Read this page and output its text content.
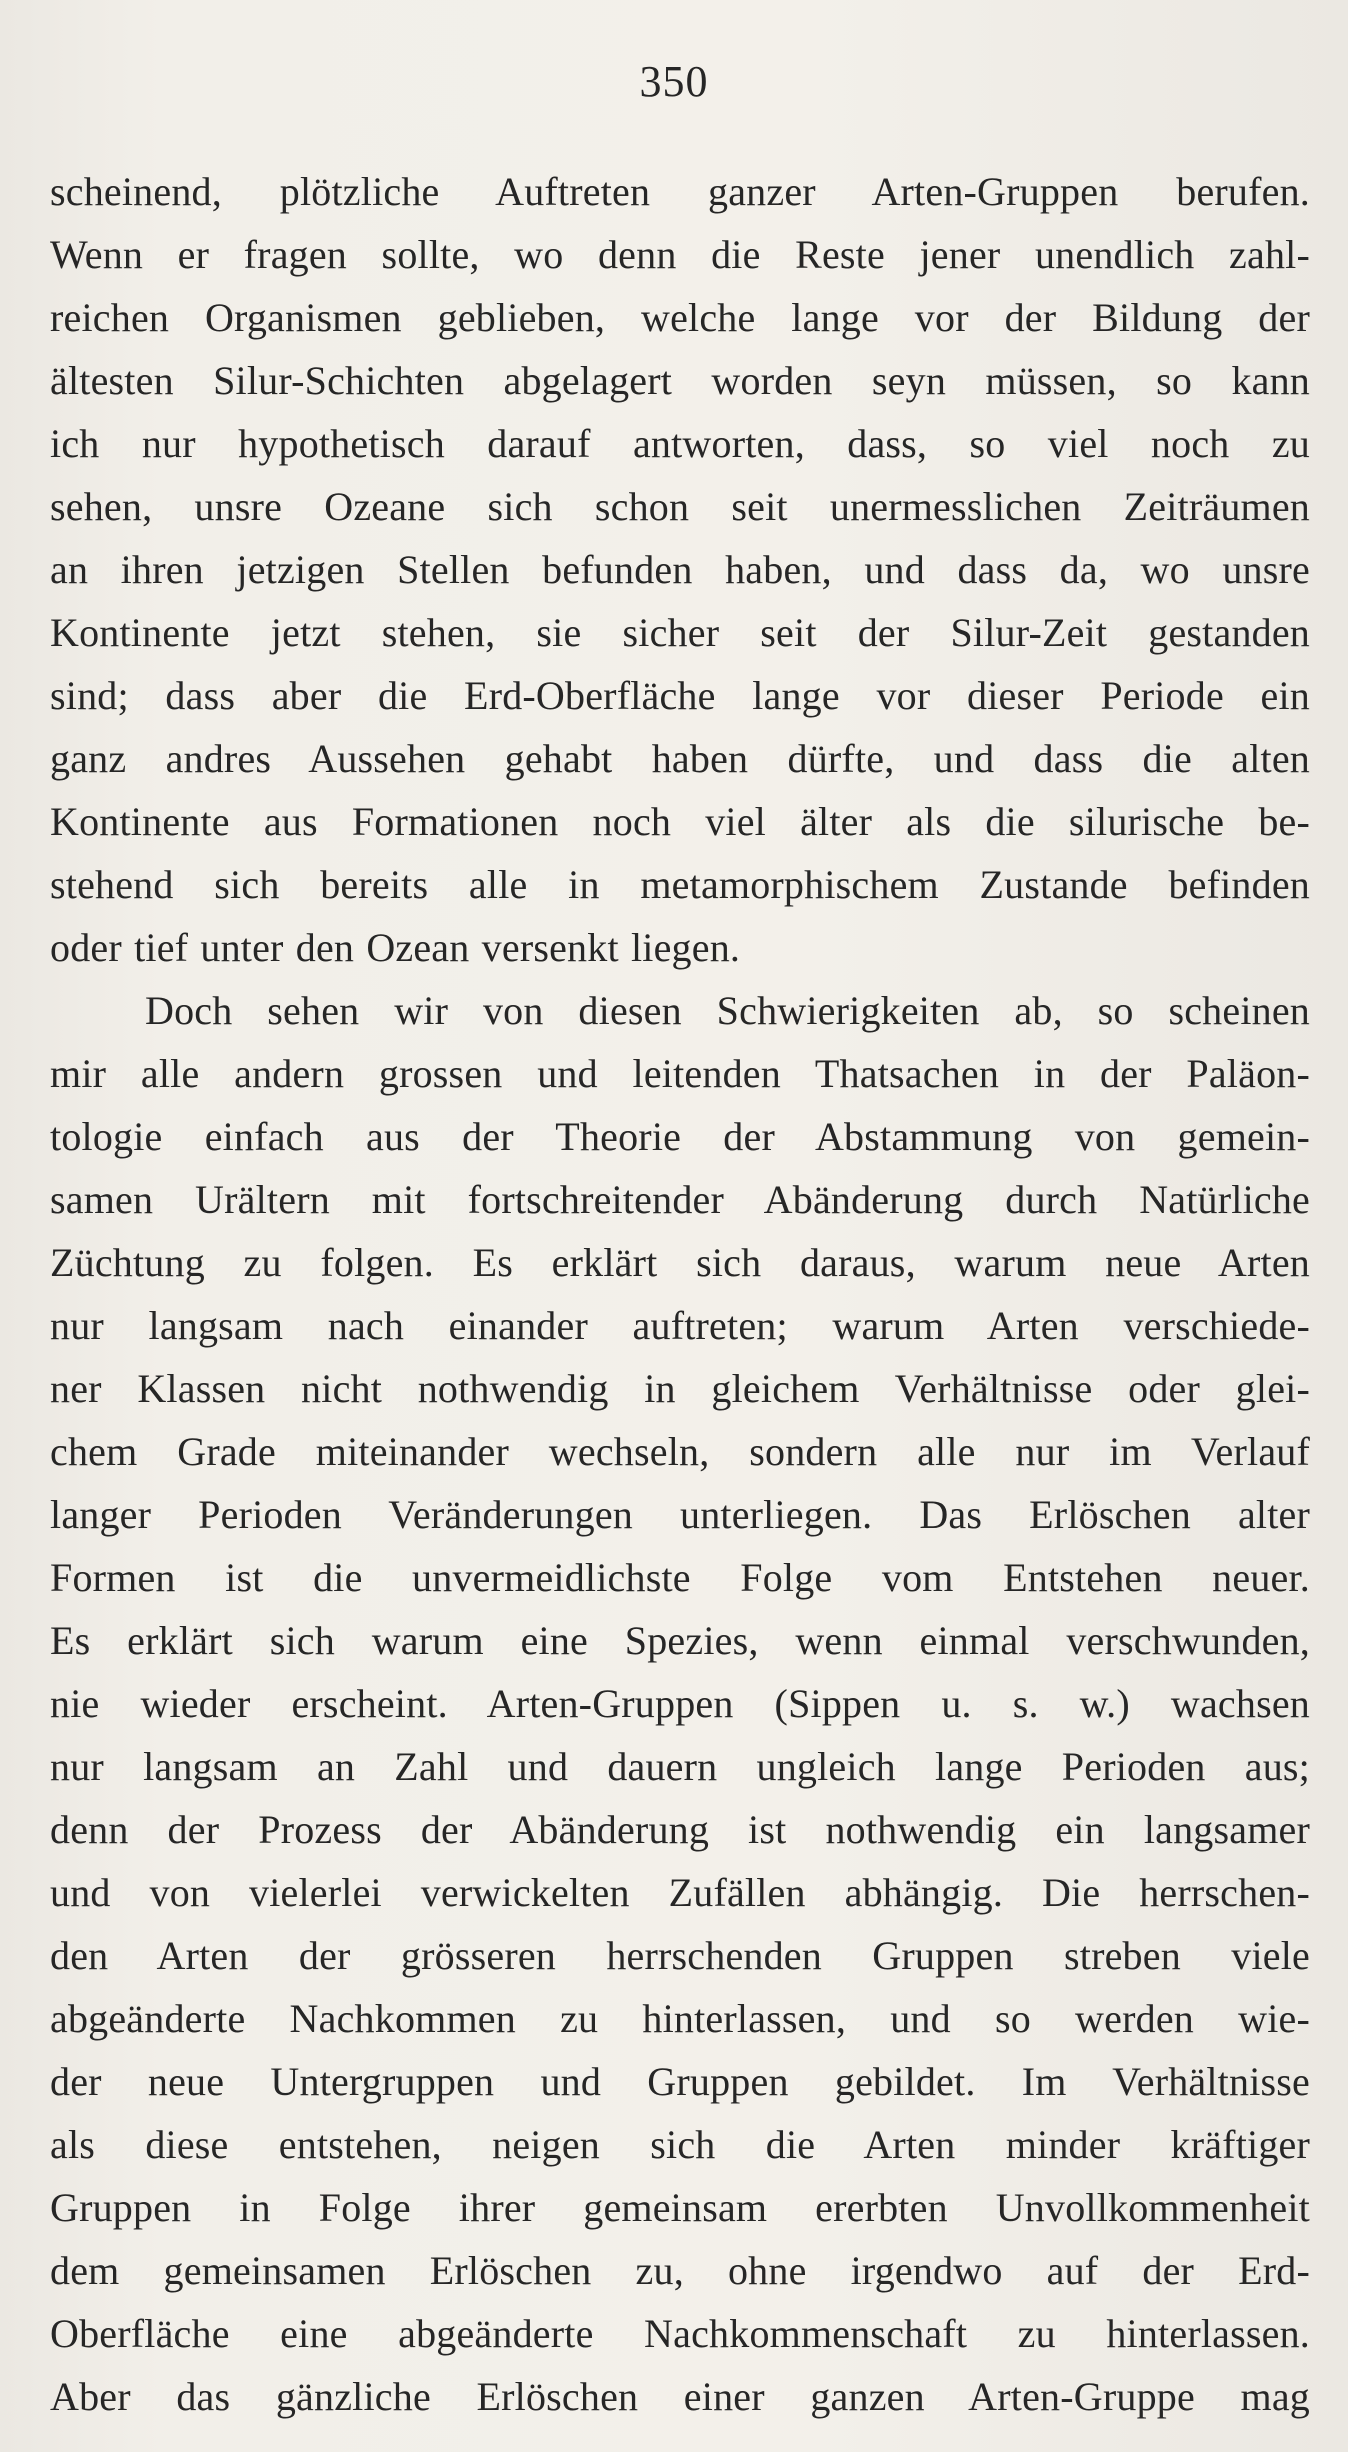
350
scheinend, plötzliche Auftreten ganzer Arten-Gruppen berufen.
Wenn er fragen sollte, wo denn die Reste jener unendlich zahl-
reichen Organismen geblieben, welche lange vor der Bildung der
ältesten Silur-Schichten abgelagert worden seyn müssen, so kann
ich nur hypothetisch darauf antworten, dass, so viel noch zu
sehen, unsre Ozeane sich schon seit unermesslichen Zeiträumen
an ihren jetzigen Stellen befunden haben, und dass da, wo unsre
Kontinente jetzt stehen, sie sicher seit der Silur-Zeit gestanden
sind; dass aber die Erd-Oberfläche lange vor dieser Periode ein
ganz andres Aussehen gehabt haben dürfte, und dass die alten
Kontinente aus Formationen noch viel älter als die silurische be-
stehend sich bereits alle in metamorphischem Zustande befinden
oder tief unter den Ozean versenkt liegen.
Doch sehen wir von diesen Schwierigkeiten ab, so scheinen
mir alle andern grossen und leitenden Thatsachen in der Paläon-
tologie einfach aus der Theorie der Abstammung von gemein-
samen Urältern mit fortschreitender Abänderung durch Natürliche
Züchtung zu folgen. Es erklärt sich daraus, warum neue Arten
nur langsam nach einander auftreten; warum Arten verschiede-
ner Klassen nicht nothwendig in gleichem Verhältnisse oder glei-
chem Grade miteinander wechseln, sondern alle nur im Verlauf
langer Perioden Veränderungen unterliegen. Das Erlöschen alter
Formen ist die unvermeidlichste Folge vom Entstehen neuer.
Es erklärt sich warum eine Spezies, wenn einmal verschwunden,
nie wieder erscheint. Arten-Gruppen (Sippen u. s. w.) wachsen
nur langsam an Zahl und dauern ungleich lange Perioden aus;
denn der Prozess der Abänderung ist nothwendig ein langsamer
und von vielerlei verwickelten Zufällen abhängig. Die herrschen-
den Arten der grösseren herrschenden Gruppen streben viele
abgeänderte Nachkommen zu hinterlassen, und so werden wie-
der neue Untergruppen und Gruppen gebildet. Im Verhältnisse
als diese entstehen, neigen sich die Arten minder kräftiger
Gruppen in Folge ihrer gemeinsam ererbten Unvollkommenheit
dem gemeinsamen Erlöschen zu, ohne irgendwo auf der Erd-
Oberfläche eine abgeänderte Nachkommenschaft zu hinterlassen.
Aber das gänzliche Erlöschen einer ganzen Arten-Gruppe mag
